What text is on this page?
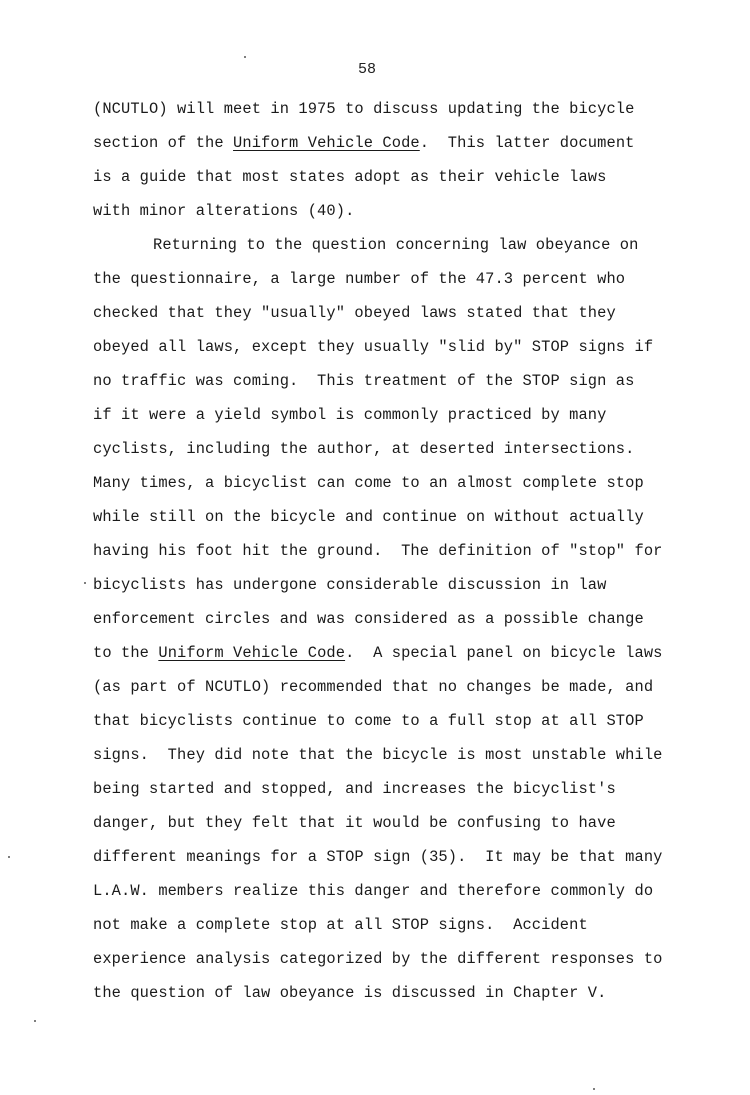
58
(NCUTLO) will meet in 1975 to discuss updating the bicycle
section of the Uniform Vehicle Code.  This latter document
is a guide that most states adopt as their vehicle laws
with minor alterations (40).
Returning to the question concerning law obeyance on
the questionnaire, a large number of the 47.3 percent who
checked that they "usually" obeyed laws stated that they
obeyed all laws, except they usually "slid by" STOP signs if
no traffic was coming.  This treatment of the STOP sign as
if it were a yield symbol is commonly practiced by many
cyclists, including the author, at deserted intersections.
Many times, a bicyclist can come to an almost complete stop
while still on the bicycle and continue on without actually
having his foot hit the ground.  The definition of "stop" for
bicyclists has undergone considerable discussion in law
enforcement circles and was considered as a possible change
to the Uniform Vehicle Code.  A special panel on bicycle laws
(as part of NCUTLO) recommended that no changes be made, and
that bicyclists continue to come to a full stop at all STOP
signs.  They did note that the bicycle is most unstable while
being started and stopped, and increases the bicyclist's
danger, but they felt that it would be confusing to have
different meanings for a STOP sign (35).  It may be that many
L.A.W. members realize this danger and therefore commonly do
not make a complete stop at all STOP signs.  Accident
experience analysis categorized by the different responses to
the question of law obeyance is discussed in Chapter V.
